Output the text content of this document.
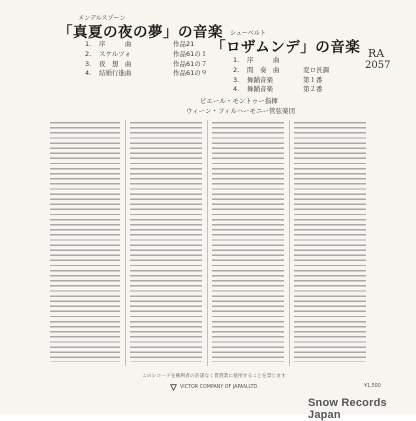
メンデルスゾーン
「真夏の夜の夢」の音楽
1.	序　　　曲	作品21
2.	スケルツォ	作品61の１
3.	夜　想　曲	作品61の７
4.	結婚行進曲	作品61の９
シューベルト
「ロザムンデ」の音楽
1.	序　　　曲
2.	間　奏　曲	変ロ長調
3.	舞踊音楽	第１番
4.	舞踊音楽	第２番
RA
2057
ピエール・モントゥー指揮
ウィーン・フィルハーモニー管弦楽団
このレコードを権利者の許諾なく賃貸業に使用することを禁じます
VICTOR COMPANY OF JAPAN,LTD.	¥1,500
Snow Records Japan
